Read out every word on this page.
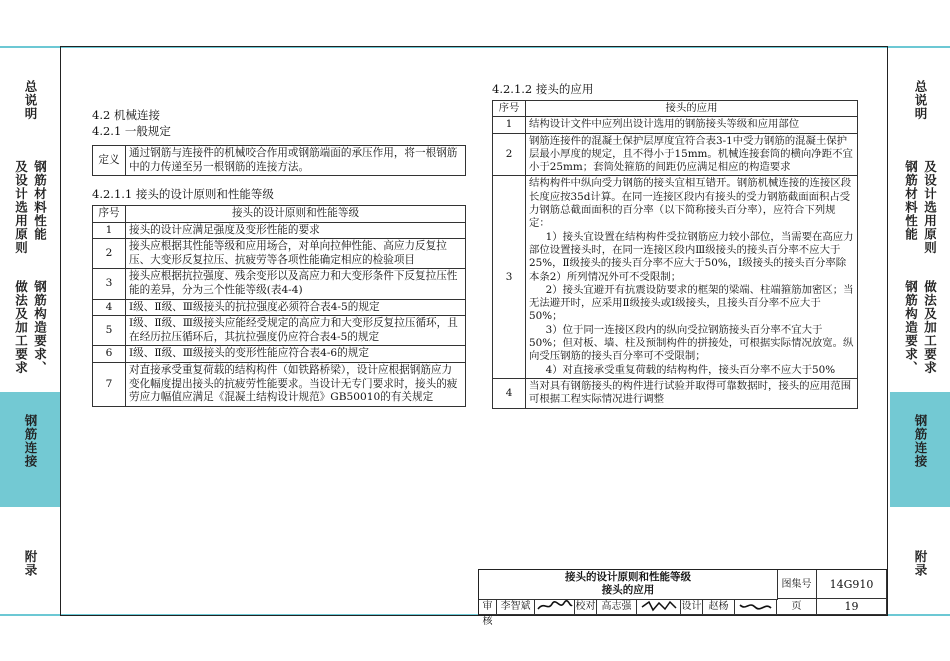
总说明
及设计选用原则 钢筋材料性能
做法及加工要求 钢筋构造要求、
钢筋连接
附录
总说明
钢筋材料性能 及设计选用原则
钢筋构造要求、 做法及加工要求
钢筋连接
附录
4.2 机械连接
4.2.1 一般规定
定义	通过钢筋与连接件的机械咬合作用或钢筋端面的承压作用，将一根钢筋中的力传递至另一根钢筋的连接方法。
4.2.1.1 接头的设计原则和性能等级
序号	接头的设计原则和性能等级
1	接头的设计应满足强度及变形性能的要求
2	接头应根据其性能等级和应用场合，对单向拉伸性能、高应力反复拉压、大变形反复拉压、抗疲劳等各项性能确定相应的检验项目
3	接头应根据抗拉强度、残余变形以及高应力和大变形条件下反复拉压性能的差异，分为三个性能等级(表4-4)
4	Ⅰ级、Ⅱ级、Ⅲ级接头的抗拉强度必须符合表4-5的规定
5	Ⅰ级、Ⅱ级、Ⅲ级接头应能经受规定的高应力和大变形反复拉压循环，且在经历拉压循环后，其抗拉强度仍应符合表4-5的规定
6	Ⅰ级、Ⅱ级、Ⅲ级接头的变形性能应符合表4-6的规定
7	对直接承受重复荷载的结构构件（如铁路桥梁），设计应根据钢筋应力变化幅度提出接头的抗疲劳性能要求。当设计无专门要求时，接头的疲劳应力幅值应满足《混凝土结构设计规范》GB50010的有关规定
4.2.1.2 接头的应用
序号	接头的应用
1	结构设计文件中应列出设计选用的钢筋接头等级和应用部位
2	钢筋连接件的混凝土保护层厚度宜符合表3-1中受力钢筋的混凝土保护层最小厚度的规定，且不得小于15mm。机械连接套筒的横向净距不宜小于25mm；套筒处箍筋的间距仍应满足相应的构造要求
3	结构构件中纵向受力钢筋的接头宜相互错开。钢筋机械连接的连接区段长度应按35d计算。在同一连接区段内有接头的受力钢筋截面面积占受力钢筋总截面面积的百分率（以下简称接头百分率），应符合下列规定：
1）接头宜设置在结构构件受拉钢筋应力较小部位，当需要在高应力部位设置接头时，在同一连接区段内Ⅲ级接头的接头百分率不应大于25%，Ⅱ级接头的接头百分率不应大于50%，Ⅰ级接头的接头百分率除本条2）所列情况外可不受限制；
2）接头宜避开有抗震设防要求的框架的梁端、柱端箍筋加密区；当无法避开时，应采用Ⅱ级接头或Ⅰ级接头，且接头百分率不应大于50%；
3）位于同一连接区段内的纵向受拉钢筋接头百分率不宜大于50%；但对板、墙、柱及预制构件的拼接处，可根据实际情况放宽。纵向受压钢筋的接头百分率可不受限制；
4）对直接承受重复荷载的结构构件，接头百分率不应大于50%

4	当对具有钢筋接头的构件进行试验并取得可靠数据时，接头的应用范围可根据工程实际情况进行调整
接头的设计原则和性能等级
接头的应用	图集号	14G910
审核
李智斌	校对 高志强	设计 赵杨	页	19
